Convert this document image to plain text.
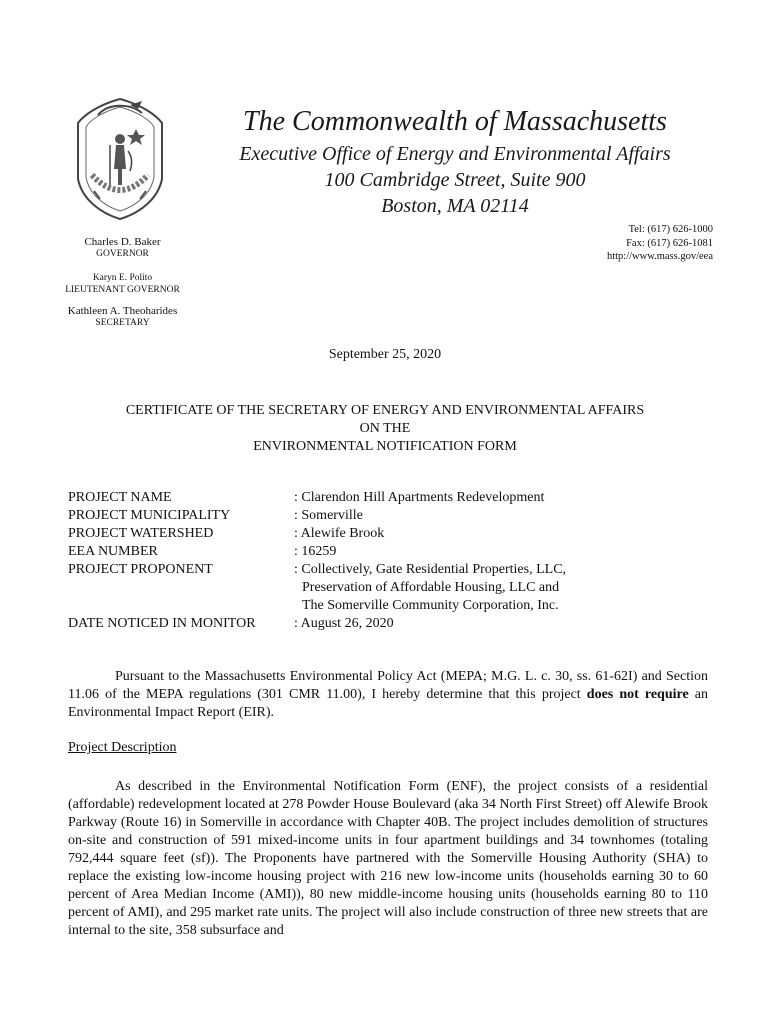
The Commonwealth of Massachusetts
Executive Office of Energy and Environmental Affairs
100 Cambridge Street, Suite 900
Boston, MA 02114
Charles D. Baker
GOVERNOR
Karyn E. Polito
LIEUTENANT GOVERNOR
Kathleen A. Theoharides
SECRETARY
Tel: (617) 626-1000
Fax: (617) 626-1081
http://www.mass.gov/eea
September 25, 2020
CERTIFICATE OF THE SECRETARY OF ENERGY AND ENVIRONMENTAL AFFAIRS
ON THE
ENVIRONMENTAL NOTIFICATION FORM
PROJECT NAME	: Clarendon Hill Apartments Redevelopment
PROJECT MUNICIPALITY	: Somerville
PROJECT WATERSHED	: Alewife Brook
EEA NUMBER	: 16259
PROJECT PROPONENT	: Collectively, Gate Residential Properties, LLC,
Preservation of Affordable Housing, LLC and
The Somerville Community Corporation, Inc.

DATE NOTICED IN MONITOR	: August 26, 2020
Pursuant to the Massachusetts Environmental Policy Act (MEPA; M.G. L. c. 30, ss. 61-62I) and Section 11.06 of the MEPA regulations (301 CMR 11.00), I hereby determine that this project does not require an Environmental Impact Report (EIR).
Project Description
As described in the Environmental Notification Form (ENF), the project consists of a residential (affordable) redevelopment located at 278 Powder House Boulevard (aka 34 North First Street) off Alewife Brook Parkway (Route 16) in Somerville in accordance with Chapter 40B. The project includes demolition of structures on-site and construction of 591 mixed-income units in four apartment buildings and 34 townhomes (totaling 792,444 square feet (sf)). The Proponents have partnered with the Somerville Housing Authority (SHA) to replace the existing low-income housing project with 216 new low-income units (households earning 30 to 60 percent of Area Median Income (AMI)), 80 new middle-income housing units (households earning 80 to 110 percent of AMI), and 295 market rate units. The project will also include construction of three new streets that are internal to the site, 358 subsurface and
